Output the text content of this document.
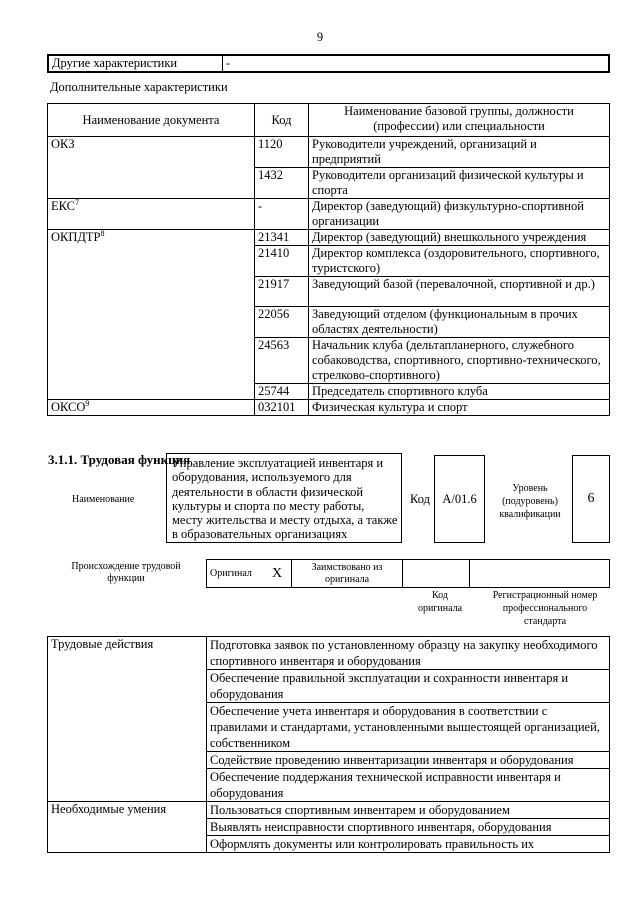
9
Другие характеристики	-
Дополнительные характеристики
Наименование документа	Код	Наименование базовой группы, должности (профессии) или специальности
ОКЗ	1120	Руководители учреждений, организаций и предприятий
	1432	Руководители организаций физической культуры и спорта
ЕКС$^7$	-	Директор (заведующий) физкультурно-спортивной организации
ОКПДТР$^8$	21341	Директор (заведующий) внешкольного учреждения
	21410	Директор комплекса (оздоровительного, спортивного, туристского)
	21917	Заведующий базой (перевалочной, спортивной и др.)
	22056	Заведующий отделом (функциональным в прочих областях деятельности)
	24563	Начальник клуба (дельтапланерного, служебного собаководства, спортивного, спортивно-технического, стрелково-спортивного)
	25744	Председатель спортивного клуба
ОКСО$^9$	032101	Физическая культура и спорт
3.1.1. Трудовая функция
Наименование
Управление эксплуатацией инвентаря и оборудования, используемого для деятельности в области физической культуры и спорта по месту работы, месту жительства и месту отдыха, а также в образовательных организациях
Код A/01.6
Уровень (подуровень) квалификации
6
Происхождение трудовой функции	Оригинал	X	Заимствовано из оригинала		
Код оригинала
Регистрационный номер профессионального стандарта
Трудовые действия	Подготовка заявок по установленному образцу на закупку необходимого спортивного инвентаря и оборудования
	Обеспечение правильной эксплуатации и сохранности инвентаря и оборудования
	Обеспечение учета инвентаря и оборудования в соответствии с правилами и стандартами, установленными вышестоящей организацией, собственником
	Содействие проведению инвентаризации инвентаря и оборудования
	Обеспечение поддержания технической исправности инвентаря и оборудования
Необходимые умения	Пользоваться спортивным инвентарем и оборудованием
	Выявлять неисправности спортивного инвентаря, оборудования
	Оформлять документы или контролировать правильность их
